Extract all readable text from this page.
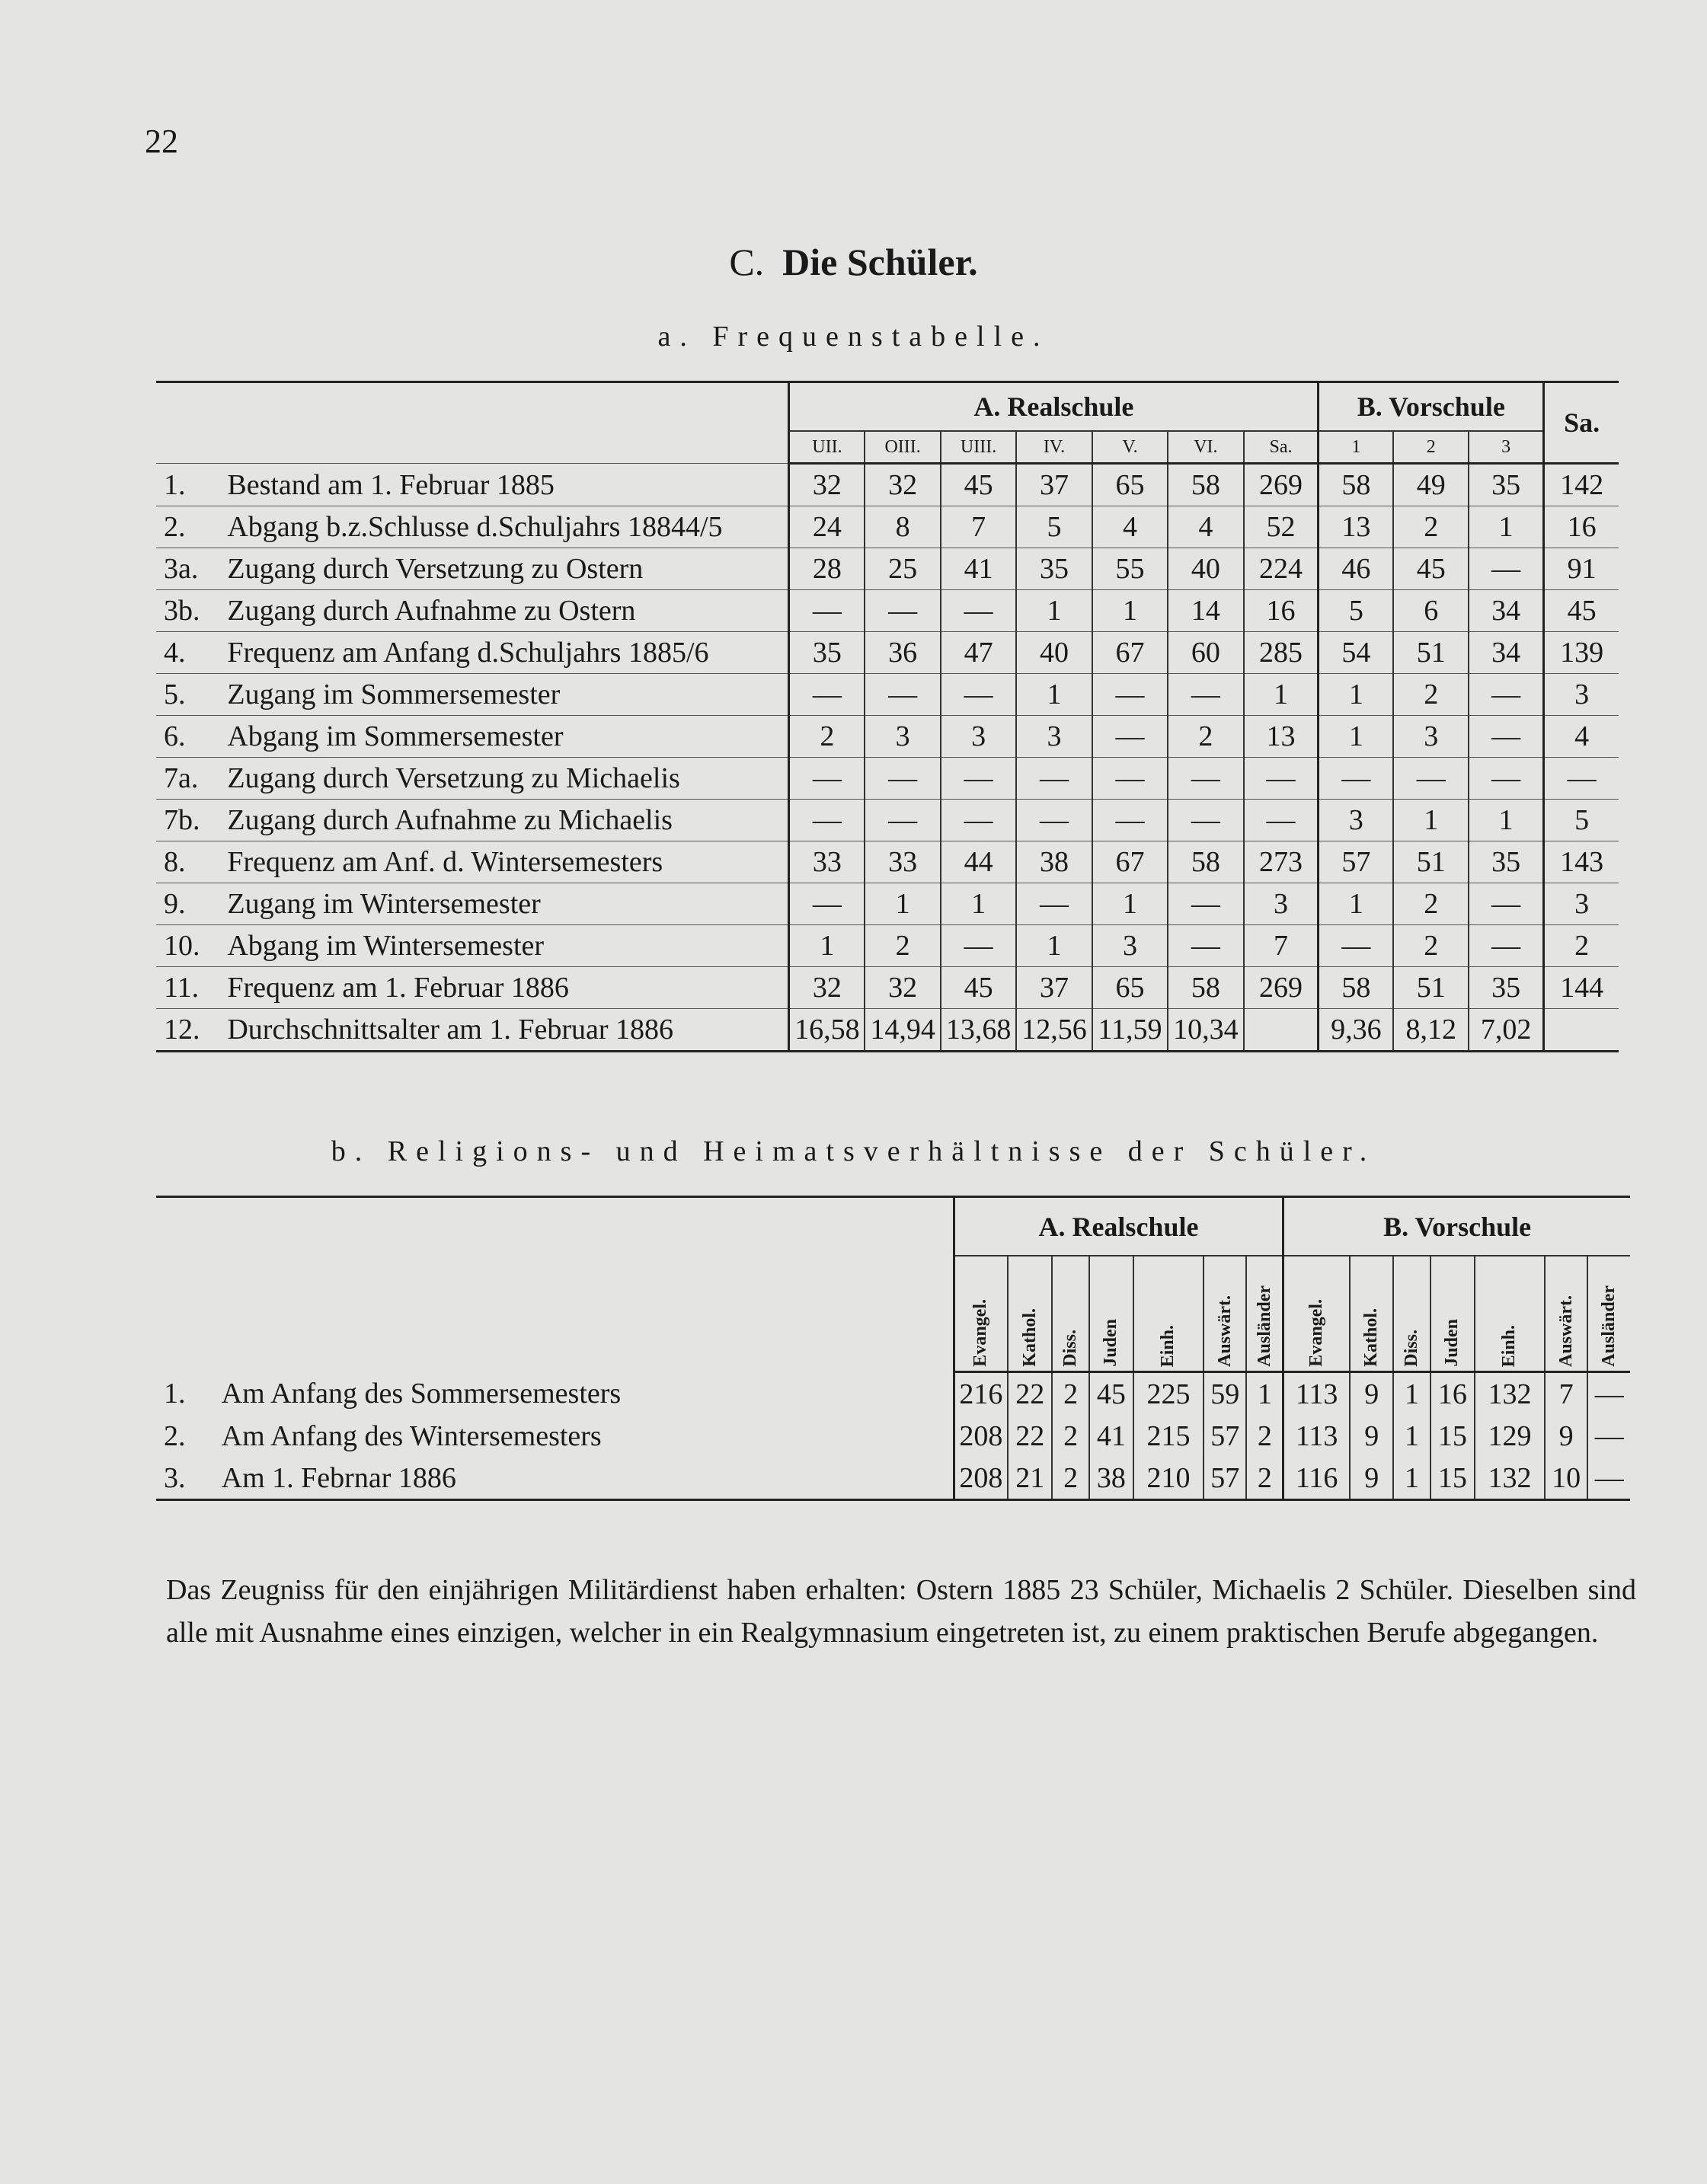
22
C. Die Schüler.
a. Frequenstabelle.
		A. Realschule							B. Vorschule			Sa.
		UII.	OIII.	UIII.	IV.	V.	VI.	Sa.	1	2	3	
1.	Bestand am 1. Februar 1885	32	32	45	37	65	58	269	58	49	35	142
2.	Abgang b.z.Schlusse d.Schuljahrs 18844/5	24	8	7	5	4	4	52	13	2	1	16
3a.	Zugang durch Versetzung zu Ostern	28	25	41	35	55	40	224	46	45	—	91
3b.	Zugang durch Aufnahme zu Ostern	—	—	—	1	1	14	16	5	6	34	45
4.	Frequenz am Anfang d.Schuljahrs 1885/6	35	36	47	40	67	60	285	54	51	34	139
5.	Zugang im Sommersemester	—	—	—	1	—	—	1	1	2	—	3
6.	Abgang im Sommersemester	2	3	3	3	—	2	13	1	3	—	4
7a.	Zugang durch Versetzung zu Michaelis	—	—	—	—	—	—	—	—	—	—	—
7b.	Zugang durch Aufnahme zu Michaelis	—	—	—	—	—	—	—	3	1	1	5
8.	Frequenz am Anf. d. Wintersemesters	33	33	44	38	67	58	273	57	51	35	143
9.	Zugang im Wintersemester	—	1	1	—	1	—	3	1	2	—	3
10.	Abgang im Wintersemester	1	2	—	1	3	—	7	—	2	—	2
11.	Frequenz am 1. Februar 1886	32	32	45	37	65	58	269	58	51	35	144
12.	Durchschnittsalter am 1. Februar 1886	16,58	14,94	13,68	12,56	11,59	10,34		9,36	8,12	7,02	
b. Religions- und Heimatsverhältnisse der Schüler.
		A. Realschule							B. Vorschule						
		Evangel.	Kathol.	Diss.	Juden	Einh.	Auswärt.	Ausländer	Evangel.	Kathol.	Diss.	Juden	Einh.	Auswärt.	Ausländer
1.	Am Anfang des Sommersemesters	216	22	2	45	225	59	1	113	9	1	16	132	7	—
2.	Am Anfang des Wintersemesters	208	22	2	41	215	57	2	113	9	1	15	129	9	—
3.	Am 1. Febrnar 1886	208	21	2	38	210	57	2	116	9	1	15	132	10	—
Das Zeugniss für den einjährigen Militärdienst haben erhalten: Ostern 1885 23 Schüler, Michaelis 2 Schüler. Dieselben sind alle mit Ausnahme eines einzigen, welcher in ein Realgymnasium eingetreten ist, zu einem praktischen Berufe abgegangen.
